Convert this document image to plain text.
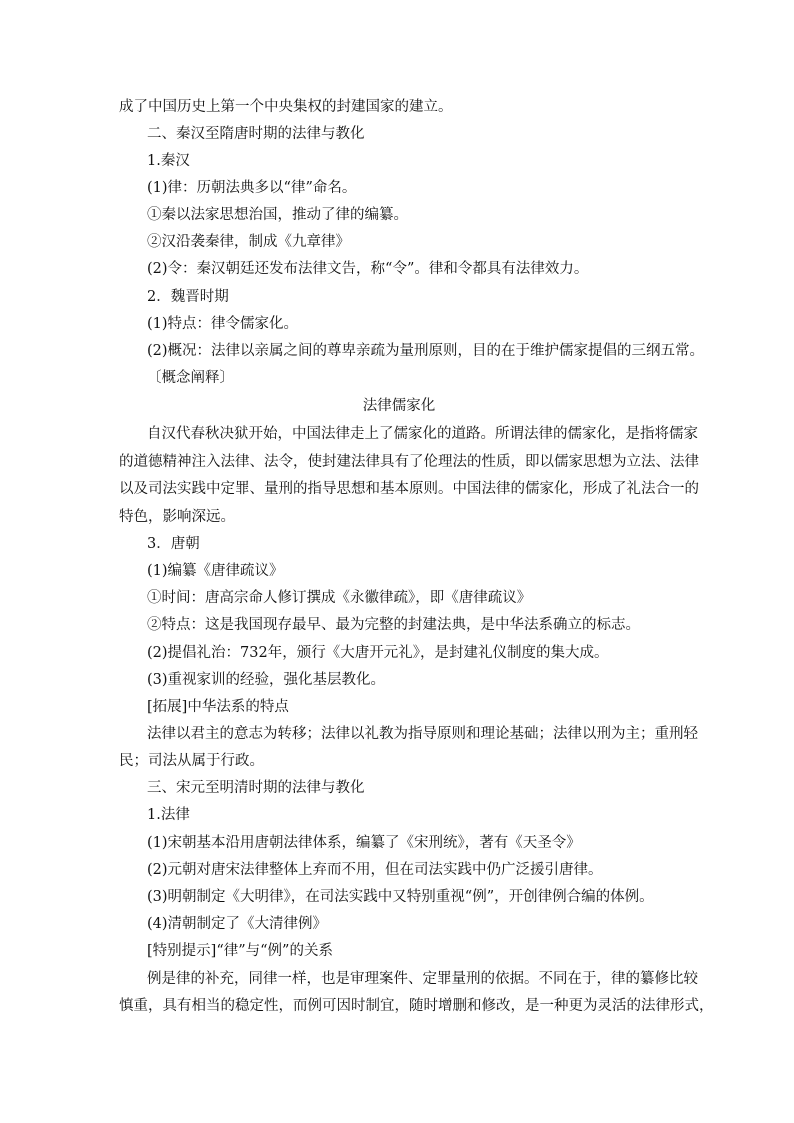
成了中国历史上第一个中央集权的封建国家的建立。
二、秦汉至隋唐时期的法律与教化
1.秦汉
(1)律：历朝法典多以“律”命名。
①秦以法家思想治国，推动了律的编纂。
②汉沿袭秦律，制成《九章律》
(2)令：秦汉朝廷还发布法律文告，称“令”。律和令都具有法律效力。
2．魏晋时期
(1)特点：律令儒家化。
(2)概况：法律以亲属之间的尊卑亲疏为量刑原则，目的在于维护儒家提倡的三纲五常。
〔概念阐释〕
法律儒家化
自汉代春秋决狱开始，中国法律走上了儒家化的道路。所谓法律的儒家化，是指将儒家
的道德精神注入法律、法令，使封建法律具有了伦理法的性质，即以儒家思想为立法、法律
以及司法实践中定罪、量刑的指导思想和基本原则。中国法律的儒家化，形成了礼法合一的
特色，影响深远。
3．唐朝
(1)编纂《唐律疏议》
①时间：唐高宗命人修订撰成《永徽律疏》，即《唐律疏议》
②特点：这是我国现存最早、最为完整的封建法典，是中华法系确立的标志。
(2)提倡礼治：732年，颁行《大唐开元礼》，是封建礼仪制度的集大成。
(3)重视家训的经验，强化基层教化。
[拓展]中华法系的特点
法律以君主的意志为转移；法律以礼教为指导原则和理论基础；法律以刑为主；重刑轻
民；司法从属于行政。
三、宋元至明清时期的法律与教化
1.法律
(1)宋朝基本沿用唐朝法律体系，编纂了《宋刑统》，著有《天圣令》
(2)元朝对唐宋法律整体上弃而不用，但在司法实践中仍广泛援引唐律。
(3)明朝制定《大明律》，在司法实践中又特别重视“例”，开创律例合编的体例。
(4)清朝制定了《大清律例》
[特别提示]“律”与“例”的关系
例是律的补充，同律一样，也是审理案件、定罪量刑的依据。不同在于，律的纂修比较
慎重，具有相当的稳定性，而例可因时制宜，随时增删和修改，是一种更为灵活的法律形式，
